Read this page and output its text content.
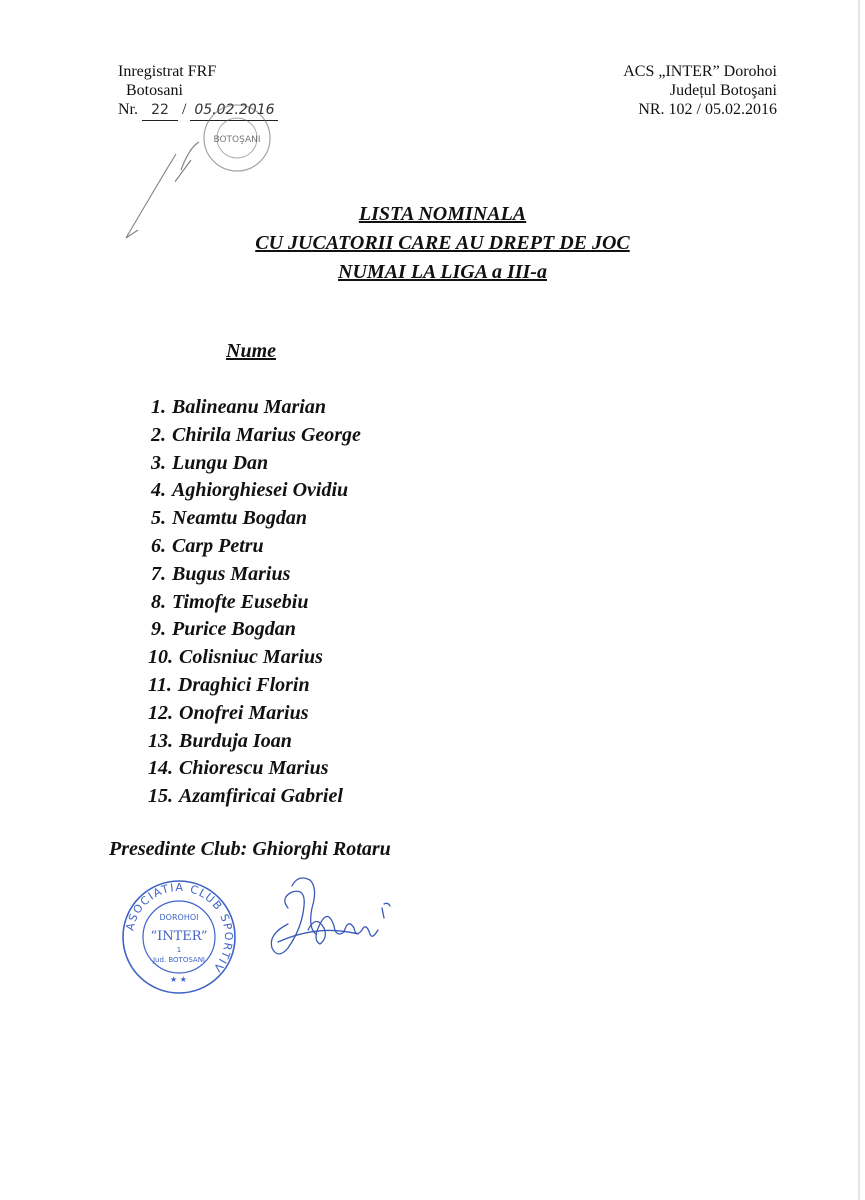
Inregistrat FRF
Botosani
Nr. 22 / 05.02.2016
BOTOŞANI
ACS „INTER” Dorohoi
Județul Botoşani
NR. 102 / 05.02.2016
LISTA NOMINALA
CU JUCATORII CARE AU DREPT DE JOC
NUMAI LA LIGA a III-a
Nume
1. Balineanu Marian
2. Chirila Marius George
3. Lungu Dan
4. Aghiorghiesei Ovidiu
5. Neamtu Bogdan
6. Carp Petru
7. Bugus Marius
8. Timofte Eusebiu
9. Purice Bogdan
10. Colisniuc Marius
11. Draghici Florin
12. Onofrei Marius
13. Burduja Ioan
14. Chiorescu Marius
15. Azamfiricai Gabriel
Presedinte Club: Ghiorghi Rotaru
ASOCIATIA CLUB SPORTIV
DOROHOI
“INTER”
1
Jud. BOTOSANI
★ ★
